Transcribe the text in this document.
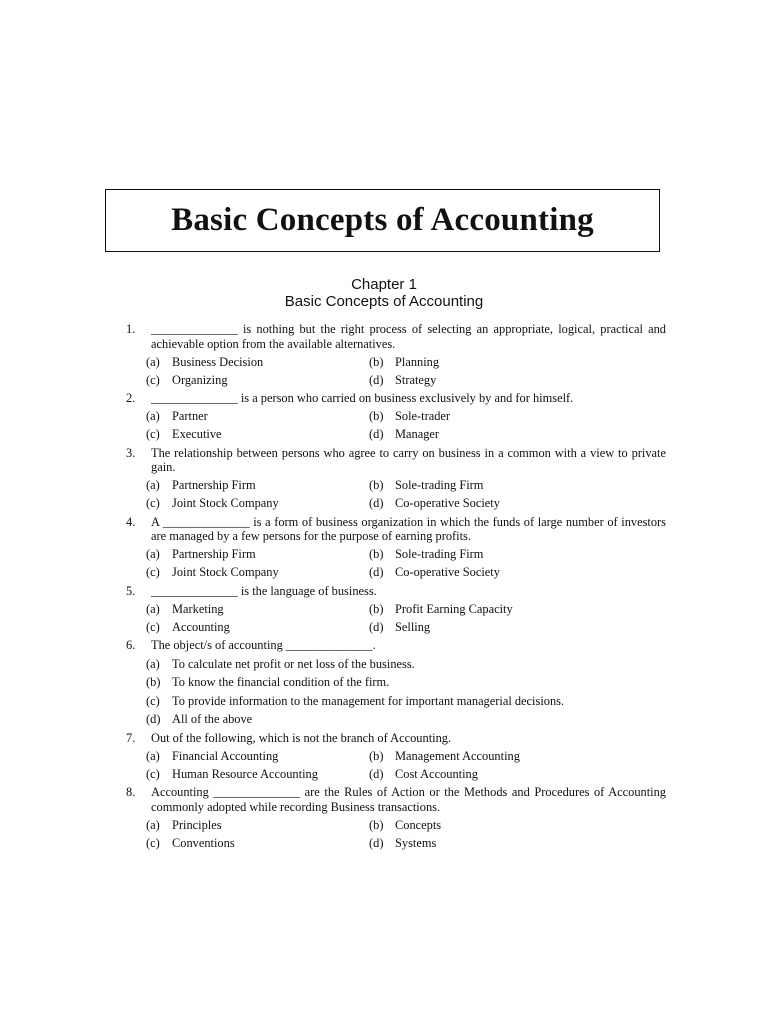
Basic Concepts of Accounting

Chapter 1

Basic Concepts of Accounting

1.	______________ is nothing but the right process of selecting an appropriate, logical, practical and achievable option from the available alternatives.
(a) Business Decision	(b) Planning
(c) Organizing	(d) Strategy
2.	______________ is a person who carried on business exclusively by and for himself.
(a) Partner	(b) Sole-trader
(c) Executive	(d) Manager
3.	The relationship between persons who agree to carry on business in a common with a view to private gain.
(a) Partnership Firm	(b) Sole-trading Firm
(c) Joint Stock Company	(d) Co-operative Society
4.	A ______________ is a form of business organization in which the funds of large number of investors are managed by a few persons for the purpose of earning profits.
(a) Partnership Firm	(b) Sole-trading Firm
(c) Joint Stock Company	(d) Co-operative Society
5.	______________ is the language of business.
(a) Marketing	(b) Profit Earning Capacity
(c) Accounting	(d) Selling
6.	The object/s of accounting ______________.
(a) To calculate net profit or net loss of the business.
(b) To know the financial condition of the firm.
(c) To provide information to the management for important managerial decisions.
(d) All of the above
7.	Out of the following, which is not the branch of Accounting.
(a) Financial Accounting	(b) Management Accounting
(c) Human Resource Accounting	(d) Cost Accounting
8.	Accounting ______________ are the Rules of Action or the Methods and Procedures of Accounting commonly adopted while recording Business transactions.
(a) Principles	(b) Concepts
(c) Conventions	(d) Systems
